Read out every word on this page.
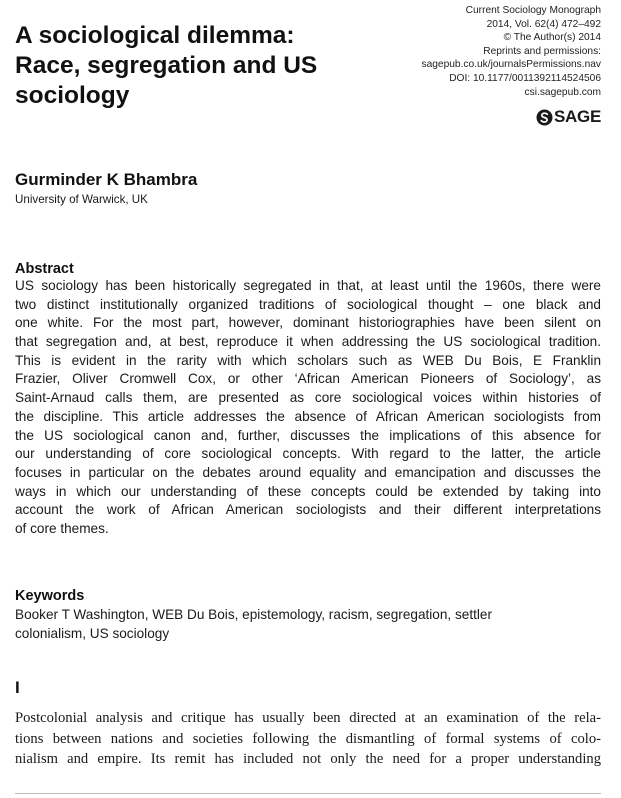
A sociological dilemma:
Race, segregation and US
sociology
Current Sociology Monograph
2014, Vol. 62(4) 472–492
© The Author(s) 2014
Reprints and permissions:
sagepub.co.uk/journalsPermissions.nav
DOI: 10.1177/0011392114524506
csi.sagepub.com
SAGE
Gurminder K Bhambra
University of Warwick, UK
Abstract
US sociology has been historically segregated in that, at least until the 1960s, there were
two distinct institutionally organized traditions of sociological thought – one black and
one white. For the most part, however, dominant historiographies have been silent on
that segregation and, at best, reproduce it when addressing the US sociological tradition.
This is evident in the rarity with which scholars such as WEB Du Bois, E Franklin
Frazier, Oliver Cromwell Cox, or other ‘African American Pioneers of Sociology’, as
Saint-Arnaud calls them, are presented as core sociological voices within histories of
the discipline. This article addresses the absence of African American sociologists from
the US sociological canon and, further, discusses the implications of this absence for
our understanding of core sociological concepts. With regard to the latter, the article
focuses in particular on the debates around equality and emancipation and discusses the
ways in which our understanding of these concepts could be extended by taking into
account the work of African American sociologists and their different interpretations
of core themes.
Keywords
Booker T Washington, WEB Du Bois, epistemology, racism, segregation, settler
colonialism, US sociology
I
Postcolonial analysis and critique has usually been directed at an examination of the rela-
tions between nations and societies following the dismantling of formal systems of colo-
nialism and empire. Its remit has included not only the need for a proper understanding
